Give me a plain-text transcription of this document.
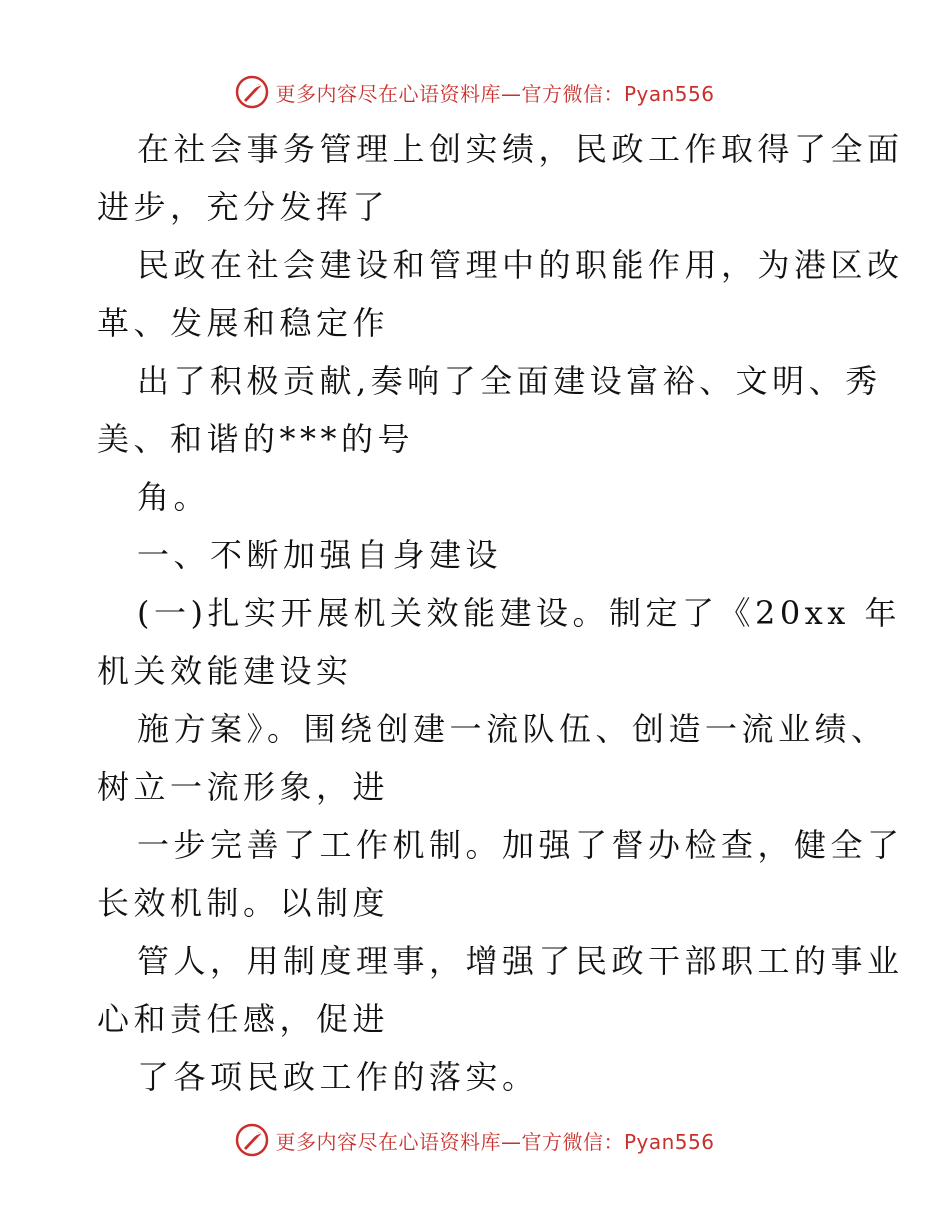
更多内容尽在心语资料库—官方微信：Pyan556
在社会事务管理上创实绩，民政工作取得了全面
进步，充分发挥了
民政在社会建设和管理中的职能作用，为港区改
革、发展和稳定作
出了积极贡献,奏响了全面建设富裕、文明、秀
美、和谐的***的号
角。
一、不断加强自身建设
(一)扎实开展机关效能建设。制定了《20xx 年
机关效能建设实
施方案》。围绕创建一流队伍、创造一流业绩、
树立一流形象，进
一步完善了工作机制。加强了督办检查，健全了
长效机制。以制度
管人，用制度理事，增强了民政干部职工的事业
心和责任感，促进
了各项民政工作的落实。
更多内容尽在心语资料库—官方微信：Pyan556
